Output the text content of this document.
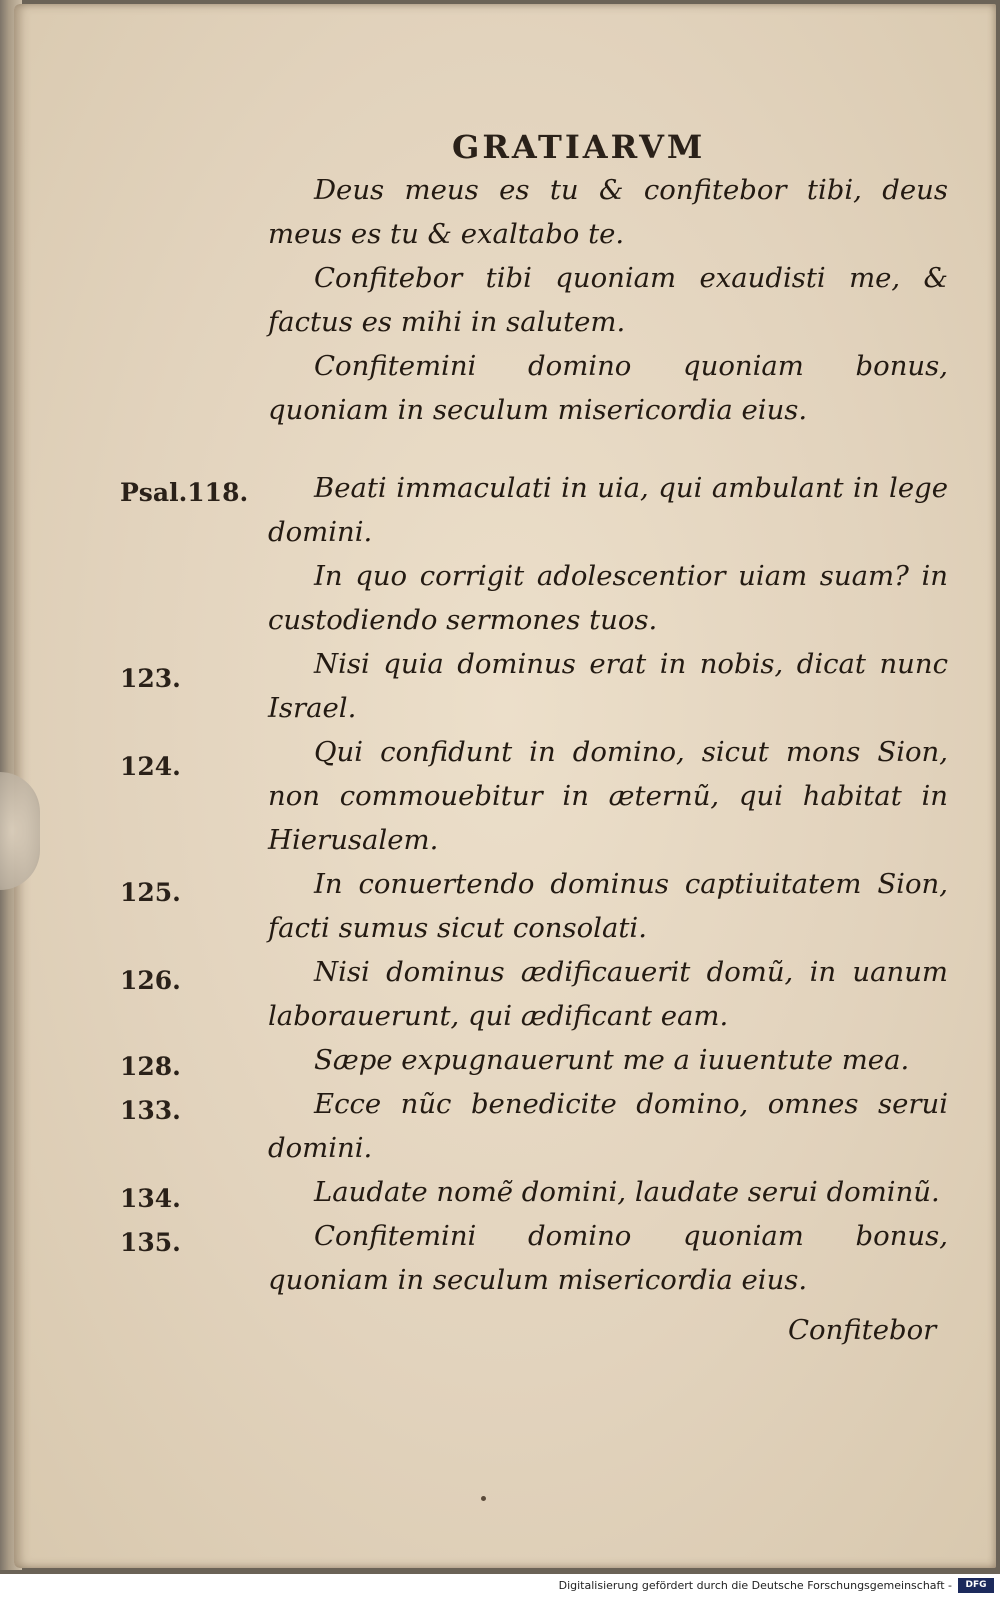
GRATIARVM

Deus meus es tu & confitebor tibi, deus meus es tu & exaltabo te.

Confitebor tibi quoniam exaudisti me, & factus es mihi in salutem.

Confitemini domino quoniam bonus, quoniam in seculum misericordia eius.

Beati immaculati in uia, qui ambulant in lege domini.

In quo corrigit adolescentior uiam suam? in custodiendo sermones tuos.

Nisi quia dominus erat in nobis, dicat nunc Israel.

Qui confidunt in domino, sicut mons Sion, non commouebitur in æternũ, qui habitat in Hierusalem.

In conuertendo dominus captiuitatem Sion, facti sumus sicut consolati.

Nisi dominus ædificauerit domũ, in uanum laborauerunt, qui ædificant eam.

Sæpe expugnauerunt me a iuuentute mea.

Ecce nũc benedicite domino, omnes serui domini.

Laudate nomẽ domini, laudate serui dominũ.

Confitemini domino quoniam bonus, quoniam in seculum misericordia eius.

Psal.118.
123.
124.
125.
126.
128.
133.
134.
135.
Confitebor
Digitalisierung gefördert durch die Deutsche Forschungsgemeinschaft -	DFG
